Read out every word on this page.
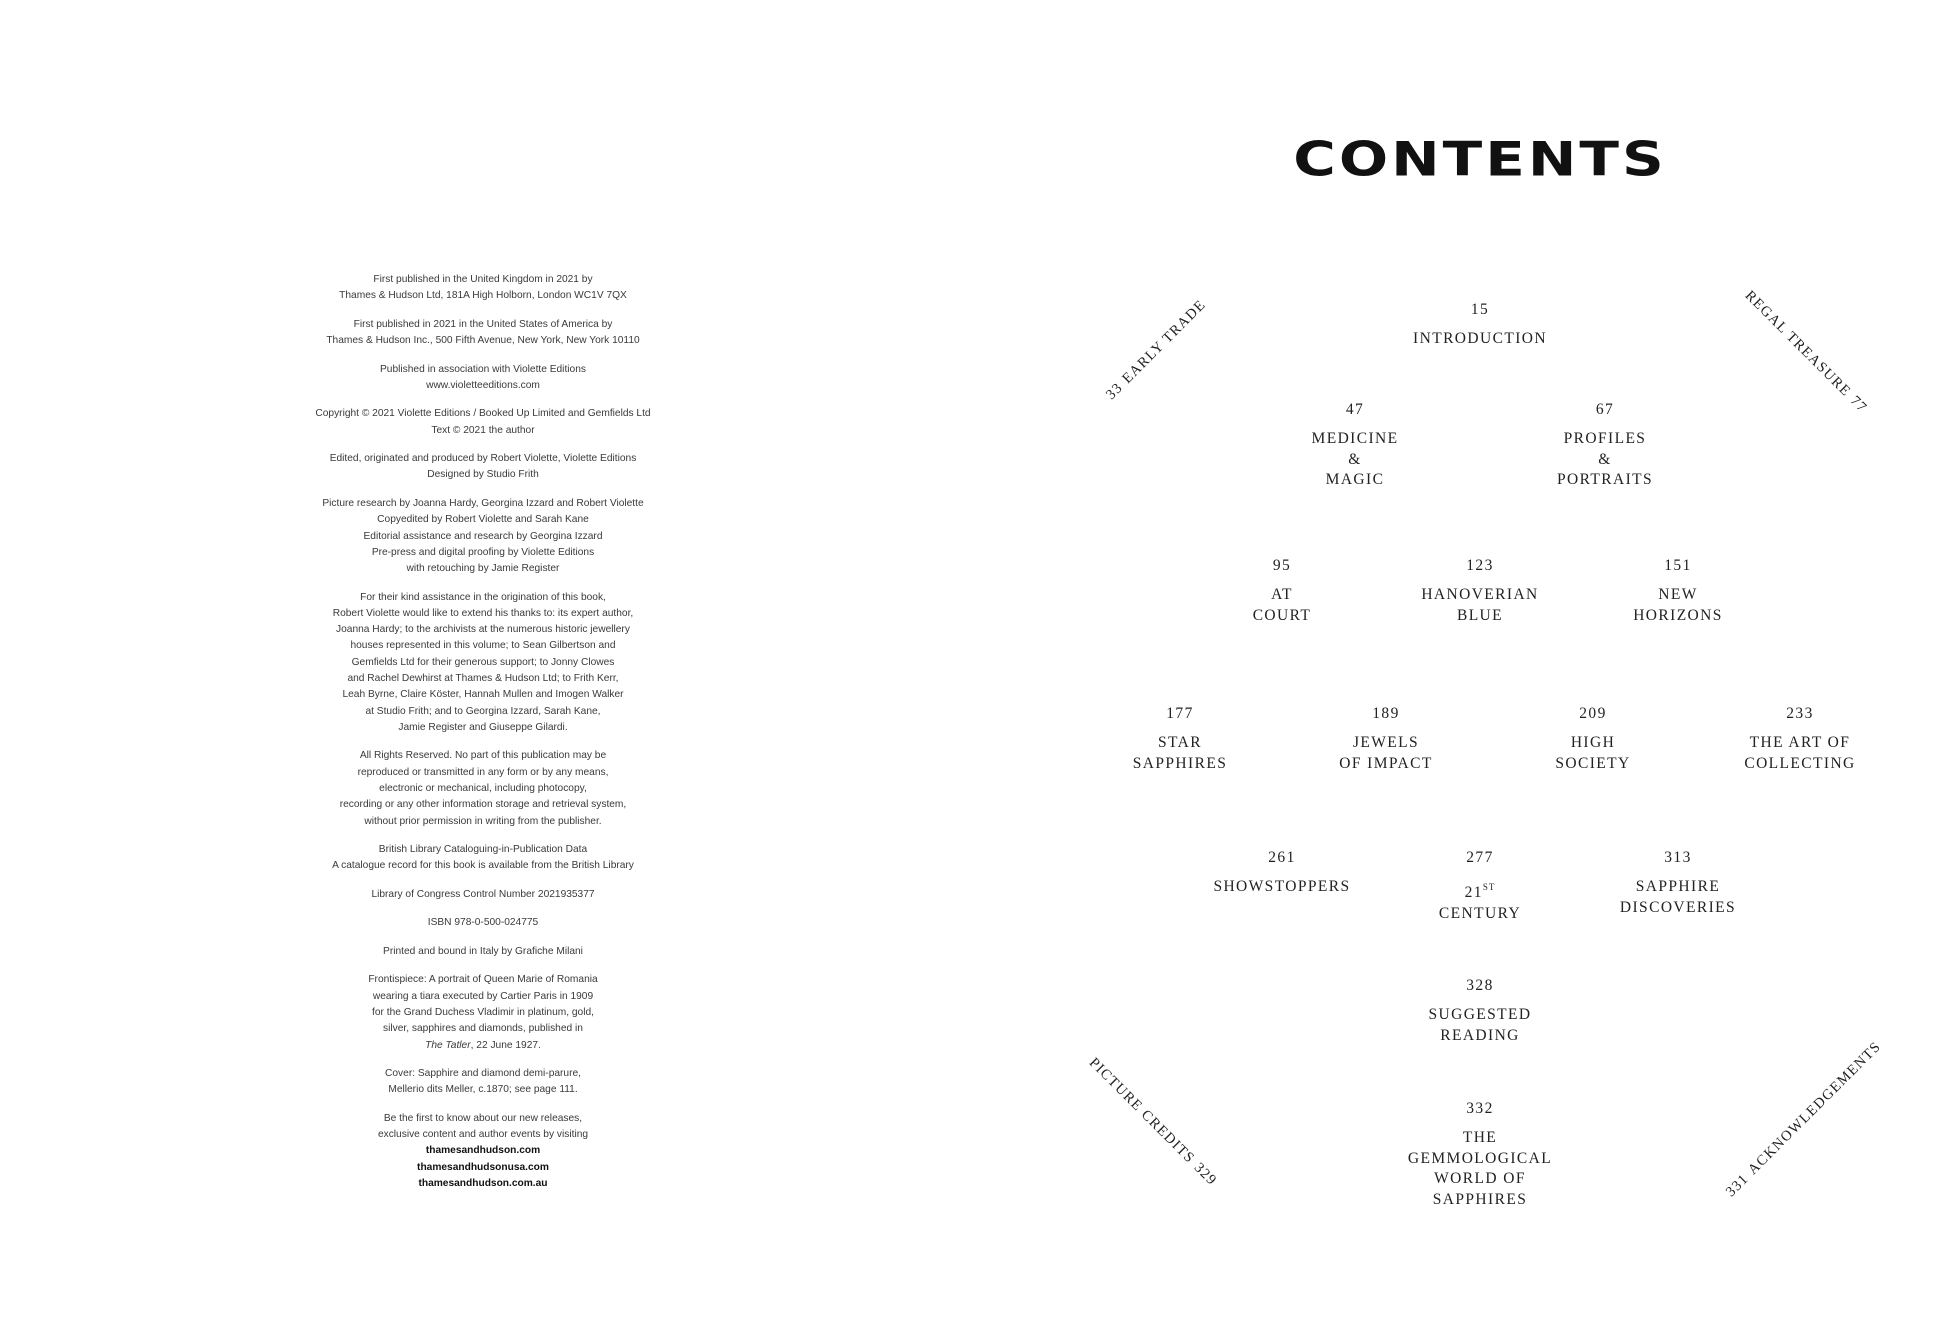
First published in the United Kingdom in 2021 by
Thames & Hudson Ltd, 181A High Holborn, London WC1V 7QX
First published in 2021 in the United States of America by
Thames & Hudson Inc., 500 Fifth Avenue, New York, New York 10110
Published in association with Violette Editions
www.violetteeditions.com
Copyright © 2021 Violette Editions / Booked Up Limited and Gemfields Ltd
Text © 2021 the author
Edited, originated and produced by Robert Violette, Violette Editions
Designed by Studio Frith
Picture research by Joanna Hardy, Georgina Izzard and Robert Violette
Copyedited by Robert Violette and Sarah Kane
Editorial assistance and research by Georgina Izzard
Pre-press and digital proofing by Violette Editions
with retouching by Jamie Register
For their kind assistance in the origination of this book,
Robert Violette would like to extend his thanks to: its expert author,
Joanna Hardy; to the archivists at the numerous historic jewellery
houses represented in this volume; to Sean Gilbertson and
Gemfields Ltd for their generous support; to Jonny Clowes
and Rachel Dewhirst at Thames & Hudson Ltd; to Frith Kerr,
Leah Byrne, Claire Köster, Hannah Mullen and Imogen Walker
at Studio Frith; and to Georgina Izzard, Sarah Kane,
Jamie Register and Giuseppe Gilardi.
All Rights Reserved. No part of this publication may be
reproduced or transmitted in any form or by any means,
electronic or mechanical, including photocopy,
recording or any other information storage and retrieval system,
without prior permission in writing from the publisher.
British Library Cataloguing-in-Publication Data
A catalogue record for this book is available from the British Library
Library of Congress Control Number 2021935377
ISBN 978-0-500-024775
Printed and bound in Italy by Grafiche Milani
Frontispiece: A portrait of Queen Marie of Romania
wearing a tiara executed by Cartier Paris in 1909
for the Grand Duchess Vladimir in platinum, gold,
silver, sapphires and diamonds, published in
The Tatler, 22 June 1927.
Cover: Sapphire and diamond demi-parure,
Mellerio dits Meller, c.1870; see page 111.
Be the first to know about our new releases,
exclusive content and author events by visiting
thamesandhudson.com
thamesandhudsonusa.com
thamesandhudson.com.au
CONTENTS
15
INTRODUCTION
47
MEDICINE
&
MAGIC
67
PROFILES
&
PORTRAITS
95
AT
COURT
123
HANOVERIAN
BLUE
151
NEW
HORIZONS
177
STAR
SAPPHIRES
189
JEWELS
OF IMPACT
209
HIGH
SOCIETY
233
THE ART OF
COLLECTING
261
SHOWSTOPPERS
277
21ST
CENTURY
313
SAPPHIRE
DISCOVERIES
328
SUGGESTED
READING
332
THE
GEMMOLOGICAL
WORLD OF
SAPPHIRES
33EARLY TRADE	REGAL TREASURE77
PICTURE CREDITS329	331ACKNOWLEDGEMENTS
